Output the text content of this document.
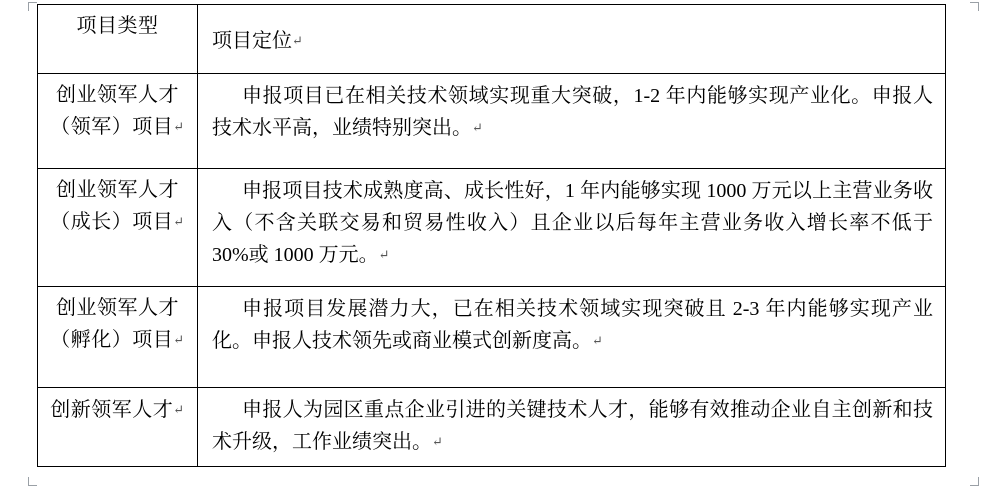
项目类型	项目定位↵

创业领军人才（领军）项目↵	申报项目已在相关技术领域实现重大突破，1-2 年内能够实现产业化。申报人技术水平高，业绩特别突出。↵

创业领军人才（成长）项目↵	申报项目技术成熟度高、成长性好，1 年内能够实现 1000 万元以上主营业务收入（不含关联交易和贸易性收入）且企业以后每年主营业务收入增长率不低于 30%或 1000 万元。↵

创业领军人才（孵化）项目↵	申报项目发展潜力大，已在相关技术领域实现突破且 2-3 年内能够实现产业化。申报人技术领先或商业模式创新度高。↵

创新领军人才↵	申报人为园区重点企业引进的关键技术人才，能够有效推动企业自主创新和技术升级，工作业绩突出。↵
